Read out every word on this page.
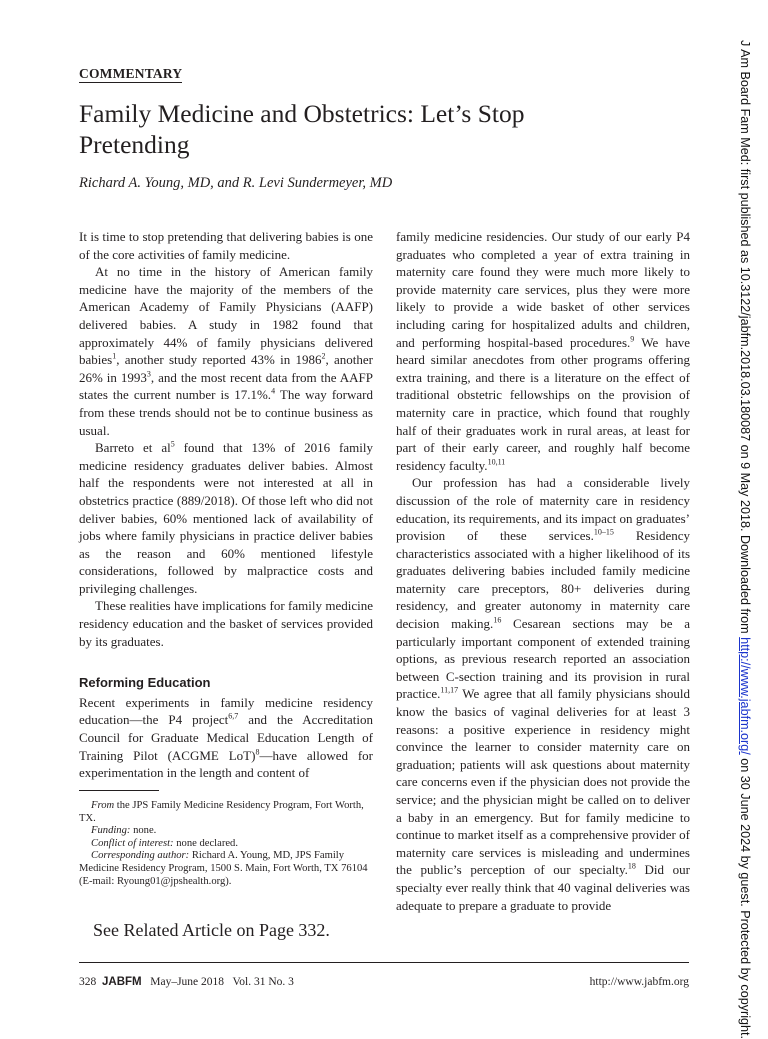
COMMENTARY
Family Medicine and Obstetrics: Let’s Stop Pretending
Richard A. Young, MD, and R. Levi Sundermeyer, MD

It is time to stop pretending that delivering babies is one of the core activities of family medicine.

At no time in the history of American family medicine have the majority of the members of the American Academy of Family Physicians (AAFP) delivered babies. A study in 1982 found that approximately 44% of family physicians delivered babies$^1$, another study reported 43% in 1986$^2$, another 26% in 1993$^3$, and the most recent data from the AAFP states the current number is 17.1%.$^4$ The way forward from these trends should not be to continue business as usual.

Barreto et $al^5$ found that 13% of 2016 family medicine residency graduates deliver babies. Almost half the respondents were not interested at all in obstetrics practice (889/2018). Of those left who did not deliver babies, 60% mentioned lack of availability of jobs where family physicians in practice deliver babies as the reason and 60% mentioned lifestyle considerations, followed by malpractice costs and privileging challenges.

These realities have implications for family medicine residency education and the basket of services provided by its graduates.

Reforming Education

Recent experiments in family medicine residency education—the P4 project$^{6,7}$ and the Accreditation Council for Graduate Medical Education Length of Training Pilot (ACGME LoT)$^8$—have allowed for experimentation in the length and content of

family medicine residencies. Our study of our early P4 graduates who completed a year of extra training in maternity care found they were much more likely to provide maternity care services, plus they were more likely to provide a wide basket of other services including caring for hospitalized adults and children, and performing hospital-based procedures.$^9$ We have heard similar anecdotes from other programs offering extra training, and there is a literature on the effect of traditional obstetric fellowships on the provision of maternity care in practice, which found that roughly half of their graduates work in rural areas, at least for part of their early career, and roughly half become residency faculty.$^{10,11}$

Our profession has had a considerable lively discussion of the role of maternity care in residency education, its requirements, and its impact on graduates’ provision of these services.$^{10-15}$ Residency characteristics associated with a higher likelihood of its graduates delivering babies included family medicine maternity care preceptors, 80+ deliveries during residency, and greater autonomy in maternity care decision making.$^{16}$ Cesarean sections may be a particularly important component of extended training options, as previous research reported an association between C-section training and its provision in rural practice.$^{11,17}$ We agree that all family physicians should know the basics of vaginal deliveries for at least 3 reasons: a positive experience in residency might convince the learner to consider maternity care on graduation; patients will ask questions about maternity care concerns even if the physician does not provide the service; and the physician might be called on to deliver a baby in an emergency. But for family medicine to continue to market itself as a comprehensive provider of maternity care services is misleading and undermines the public’s perception of our specialty.$^{18}$ Did our specialty ever really think that 40 vaginal deliveries was adequate to prepare a graduate to provide

From the JPS Family Medicine Residency Program, Fort Worth, TX.
Funding: none.
Conflict of interest: none declared.
Corresponding author: Richard A. Young, MD, JPS Family Medicine Residency Program, 1500 S. Main, Fort Worth, TX 76104 (E-mail: Ryoung01@jpshealth.org).
See Related Article on Page 332.
328 JABFM May–June 2018   Vol. 31 No. 3	http://www.jabfm.org
J Am Board Fam Med: first published as 10.3122/jabfm.2018.03.180087 on 9 May 2018. Downloaded from http://www.jabfm.org/ on 30 June 2024 by guest. Protected by copyright.
